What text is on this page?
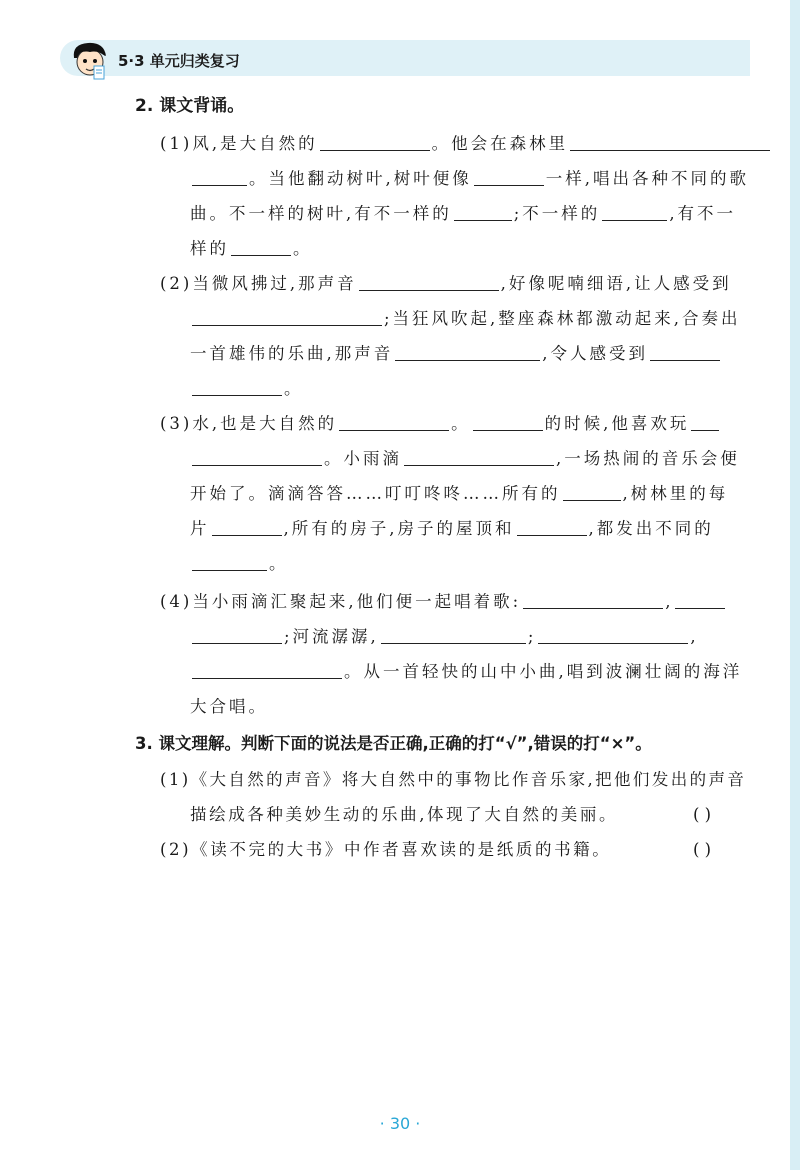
5·3 单元归类复习
2. 课文背诵。
(1)风,是大自然的	。他会在森林里
。当他翻动树叶,树叶便像	一样,唱出各种不同的歌
曲。不一样的树叶,有不一样的	;不一样的	,有不一
样的	。
(2)当微风拂过,那声音	,好像呢喃细语,让人感受到
;当狂风吹起,整座森林都激动起来,合奏出
一首雄伟的乐曲,那声音	,令人感受到
。
(3)水,也是大自然的	。	的时候,他喜欢玩
。小雨滴	,一场热闹的音乐会便
开始了。滴滴答答……叮叮咚咚……所有的	,树林里的每
片	,所有的房子,房子的屋顶和	,都发出不同的
。
(4)当小雨滴汇聚起来,他们便一起唱着歌:	,
;河流潺潺,	;	,
。从一首轻快的山中小曲,唱到波澜壮阔的海洋
大合唱。
3. 课文理解。判断下面的说法是否正确,正确的打“√”,错误的打“×”。
(1)《大自然的声音》将大自然中的事物比作音乐家,把他们发出的声音
描绘成各种美妙生动的乐曲,体现了大自然的美丽。	( )
(2)《读不完的大书》中作者喜欢读的是纸质的书籍。	( )
· 30 ·
